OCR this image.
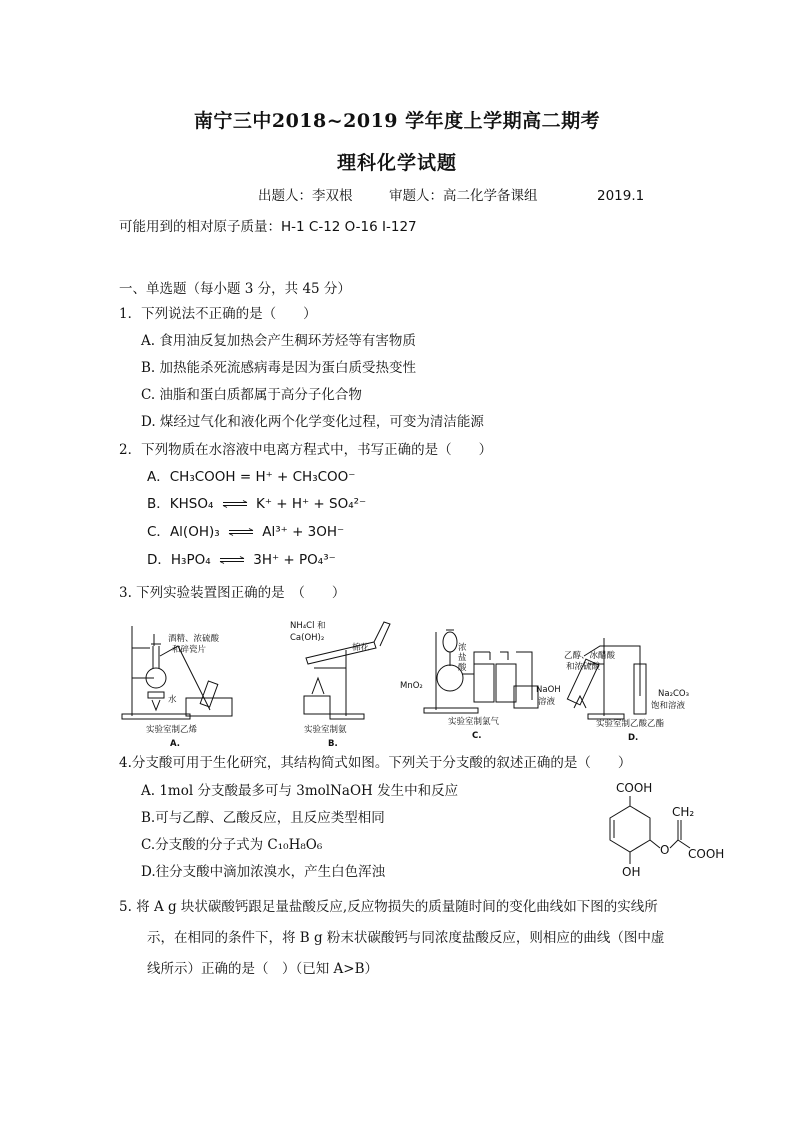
南宁三中2018~2019 学年度上学期高二期考
理科化学试题
出题人：李双根	审题人：高二化学备课组	2019.1
可能用到的相对原子质量：H-1 C-12 O-16 I-127
一、单选题（每小题 3 分，共 45 分）
1．下列说法不正确的是（　　）
A. 食用油反复加热会产生稠环芳烃等有害物质
B. 加热能杀死流感病毒是因为蛋白质受热变性
C. 油脂和蛋白质都属于高分子化合物
D. 煤经过气化和液化两个化学变化过程，可变为清洁能源
2．下列物质在水溶液中电离方程式中，书写正确的是（　　）
A．CH₃COOH = H⁺ + CH₃COO⁻
B．KHSO₄ ⇌ K⁺ + H⁺ + SO₄²⁻
C．Al(OH)₃ ⇌ Al³⁺ + 3OH⁻
D．H₃PO₄ ⇌ 3H⁺ + PO₄³⁻
3. 下列实验装置图正确的是　（　　）
酒精、浓硫酸
和碎瓷片
水
实验室制乙烯
A.
NH₄Cl 和
Ca(OH)₂
棉花
实验室制氨
B.
浓
盐
酸
MnO₂	NaOH
溶液
实验室制氯气
C.
乙醇、冰醋酸
和浓硫酸
Na₂CO₃
饱和溶液
实验室制乙酸乙酯
D.
4.分支酸可用于生化研究，其结构简式如图。下列关于分支酸的叙述正确的是（　　）
A. 1mol 分支酸最多可与 3molNaOH 发生中和反应
B.可与乙醇、乙酸反应，且反应类型相同
C.分支酸的分子式为 C₁₀H₈O₆
D.往分支酸中滴加浓溴水，产生白色浑浊
COOH
CH₂
O COOH
OH
5. 将 A g 块状碳酸钙跟足量盐酸反应,反应物损失的质量随时间的变化曲线如下图的实线所
示，在相同的条件下，将 B g 粉末状碳酸钙与同浓度盐酸反应，则相应的曲线（图中虚
线所示）正确的是（　）（已知 A>B）
